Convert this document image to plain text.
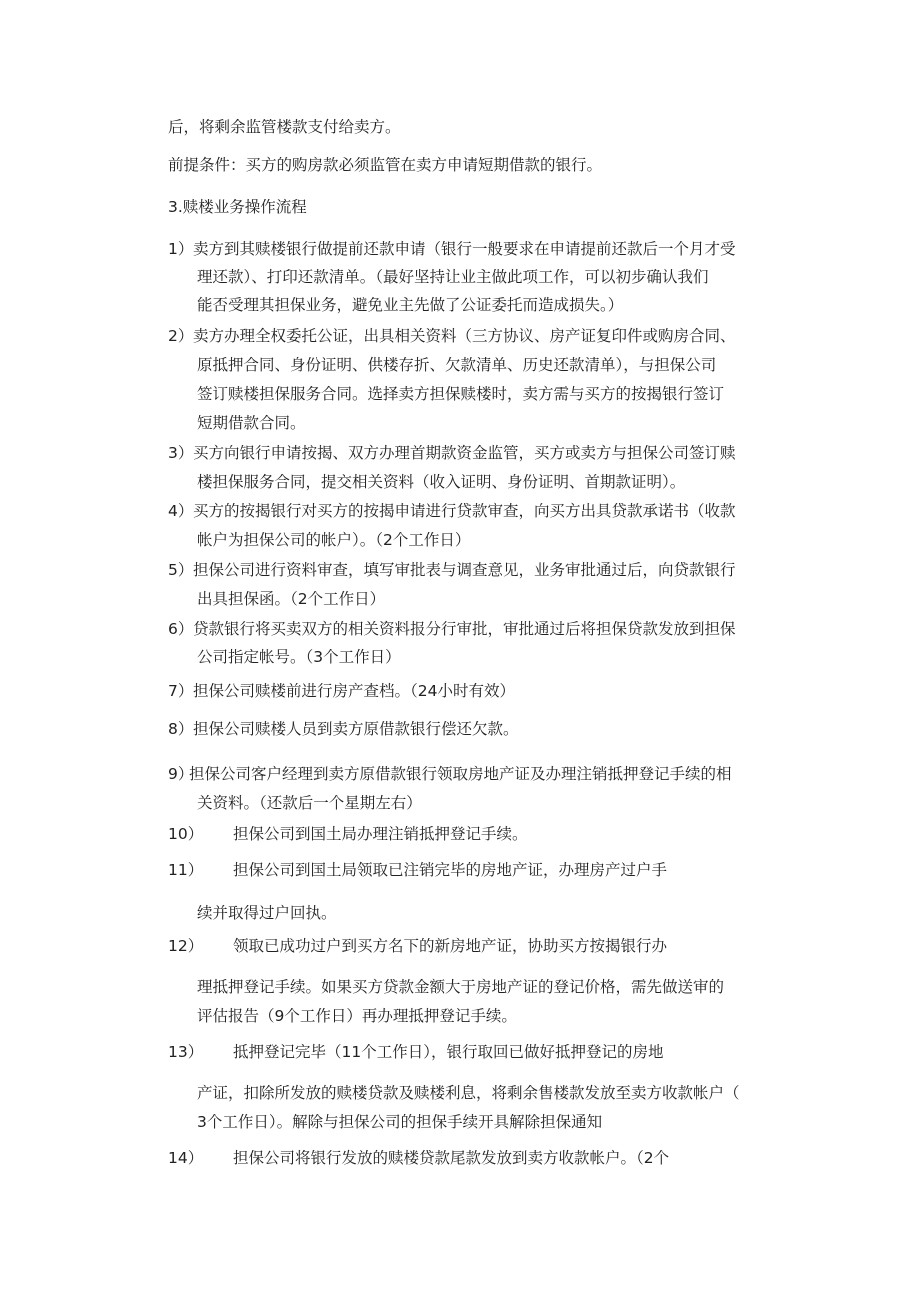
后，将剩余监管楼款支付给卖方。
前提条件：买方的购房款必须监管在卖方申请短期借款的银行。
3.赎楼业务操作流程
1） 卖方到其赎楼银行做提前还款申请（银行一般要求在申请提前还款后一个月才受
理还款）、打印还款清单。（最好坚持让业主做此项工作，可以初步确认我们
能否受理其担保业务，避免业主先做了公证委托而造成损失。）
2） 卖方办理全权委托公证，出具相关资料（三方协议、房产证复印件或购房合同、
原抵押合同、身份证明、供楼存折、欠款清单、历史还款清单），与担保公司
签订赎楼担保服务合同。选择卖方担保赎楼时，卖方需与买方的按揭银行签订
短期借款合同。
3） 买方向银行申请按揭、双方办理首期款资金监管，买方或卖方与担保公司签订赎
楼担保服务合同，提交相关资料（收入证明、身份证明、首期款证明）。
4） 买方的按揭银行对买方的按揭申请进行贷款审查，向买方出具贷款承诺书（收款
帐户为担保公司的帐户）。（2个工作日）
5） 担保公司进行资料审查，填写审批表与调查意见，业务审批通过后，向贷款银行
出具担保函。（2个工作日）
6） 贷款银行将买卖双方的相关资料报分行审批，审批通过后将担保贷款发放到担保
公司指定帐号。（3个工作日）
7） 担保公司赎楼前进行房产查档。（24小时有效）
8） 担保公司赎楼人员到卖方原借款银行偿还欠款。
9）
担保公司客户经理到卖方原借款银行领取房地产证及办理注销抵押登记手续的相
关资料。（还款后一个星期左右）
10） 担保公司到国土局办理注销抵押登记手续。
11） 担保公司到国土局领取已注销完毕的房地产证，办理房产过户手
续并取得过户回执。
12） 领取已成功过户到买方名下的新房地产证，协助买方按揭银行办
理抵押登记手续。如果买方贷款金额大于房地产证的登记价格，需先做送审的
评估报告（9个工作日）再办理抵押登记手续。
13） 抵押登记完毕（11个工作日），银行取回已做好抵押登记的房地
产证，扣除所发放的赎楼贷款及赎楼利息，将剩余售楼款发放至卖方收款帐户（
3个工作日）。解除与担保公司的担保手续开具解除担保通知
14） 担保公司将银行发放的赎楼贷款尾款发放到卖方收款帐户。（2个
